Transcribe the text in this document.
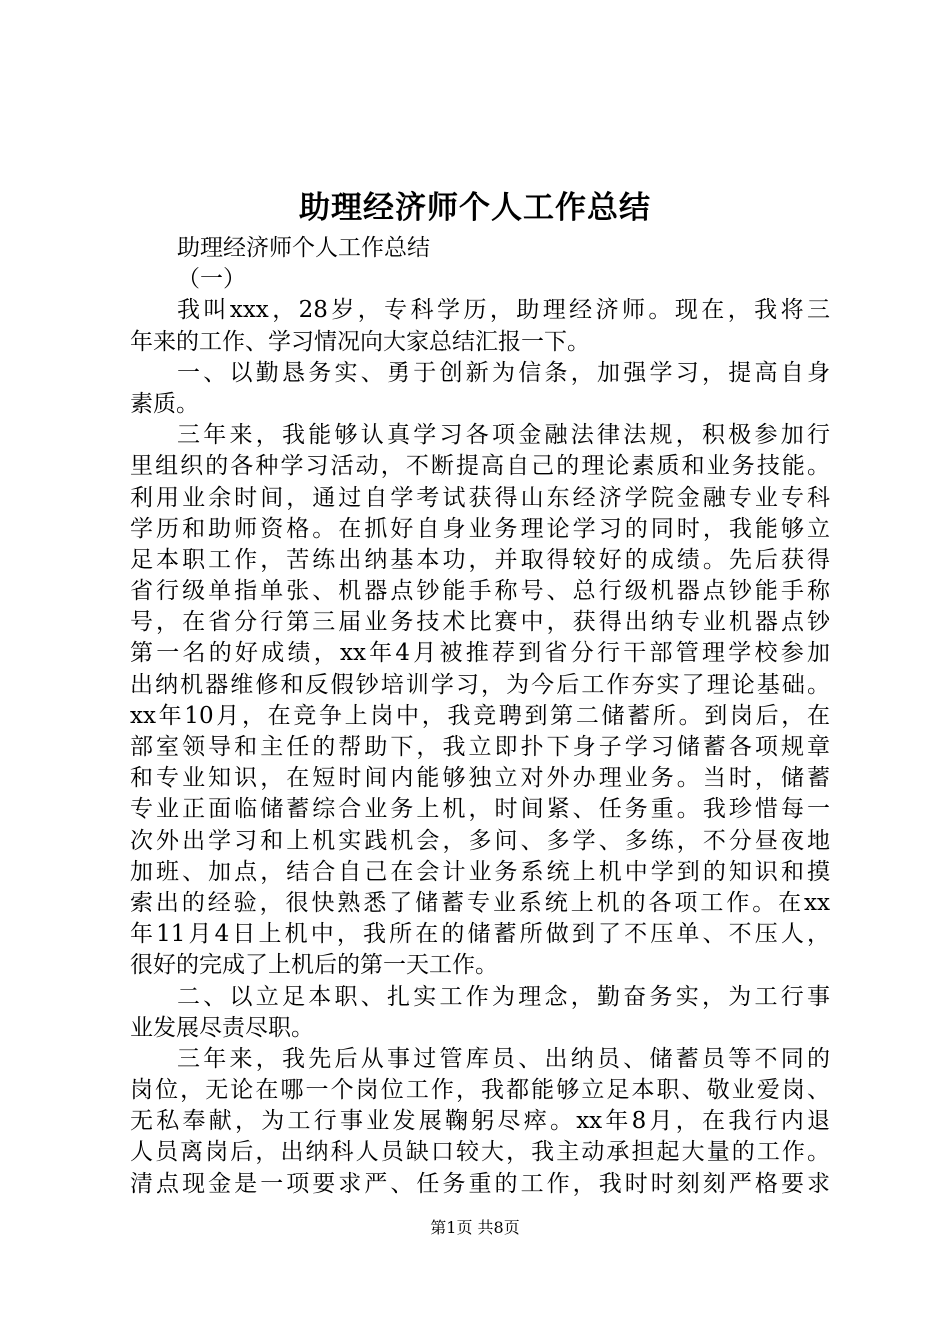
助理经济师个人工作总结
助理经济师个人工作总结
（一）
我叫xxx，28岁，专科学历，助理经济师。现在，我将三
年来的工作、学习情况向大家总结汇报一下。
一、以勤恳务实、勇于创新为信条，加强学习，提高自身
素质。
三年来，我能够认真学习各项金融法律法规，积极参加行
里组织的各种学习活动，不断提高自己的理论素质和业务技能。
利用业余时间，通过自学考试获得山东经济学院金融专业专科
学历和助师资格。在抓好自身业务理论学习的同时，我能够立
足本职工作，苦练出纳基本功，并取得较好的成绩。先后获得
省行级单指单张、机器点钞能手称号、总行级机器点钞能手称
号，在省分行第三届业务技术比赛中，获得出纳专业机器点钞
第一名的好成绩，xx年4月被推荐到省分行干部管理学校参加
出纳机器维修和反假钞培训学习，为今后工作夯实了理论基础。
xx年10月，在竞争上岗中，我竞聘到第二储蓄所。到岗后，在
部室领导和主任的帮助下，我立即扑下身子学习储蓄各项规章
和专业知识，在短时间内能够独立对外办理业务。当时，储蓄
专业正面临储蓄综合业务上机，时间紧、任务重。我珍惜每一
次外出学习和上机实践机会，多问、多学、多练，不分昼夜地
加班、加点，结合自己在会计业务系统上机中学到的知识和摸
索出的经验，很快熟悉了储蓄专业系统上机的各项工作。在xx
年11月4日上机中，我所在的储蓄所做到了不压单、不压人，
很好的完成了上机后的第一天工作。
二、以立足本职、扎实工作为理念，勤奋务实，为工行事
业发展尽责尽职。
三年来，我先后从事过管库员、出纳员、储蓄员等不同的
岗位，无论在哪一个岗位工作，我都能够立足本职、敬业爱岗、
无私奉献，为工行事业发展鞠躬尽瘁。xx年8月，在我行内退
人员离岗后，出纳科人员缺口较大，我主动承担起大量的工作。
清点现金是一项要求严、任务重的工作，我时时刻刻严格要求
第1页 共8页
